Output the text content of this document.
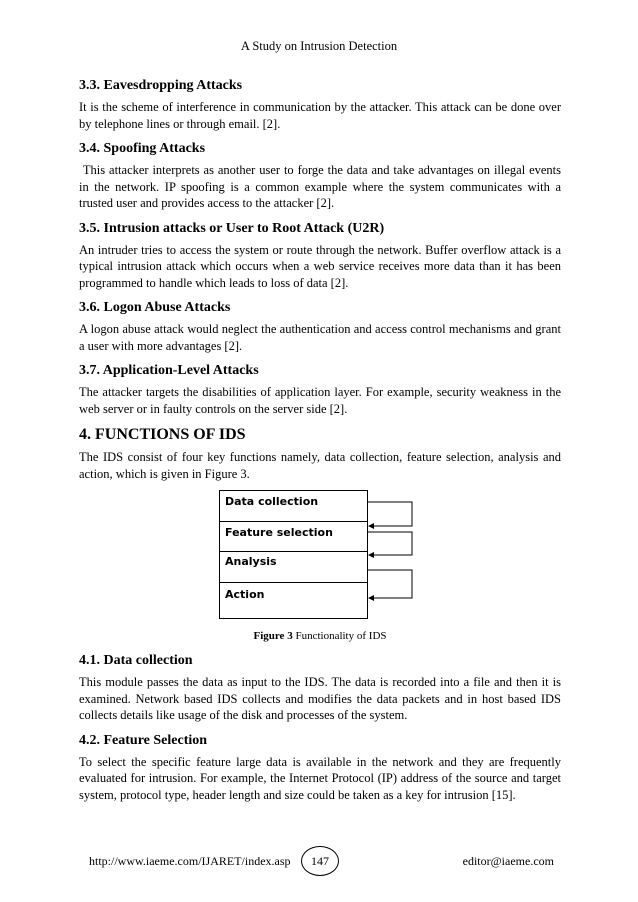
A Study on Intrusion Detection
3.3. Eavesdropping Attacks

It is the scheme of interference in communication by the attacker. This attack can be done over by telephone lines or through email. [2].

3.4. Spoofing Attacks

This attacker interprets as another user to forge the data and take advantages on illegal events in the network. IP spoofing is a common example where the system communicates with a trusted user and provides access to the attacker [2].

3.5. Intrusion attacks or User to Root Attack (U2R)

An intruder tries to access the system or route through the network. Buffer overflow attack is a typical intrusion attack which occurs when a web service receives more data than it has been programmed to handle which leads to loss of data [2].

3.6. Logon Abuse Attacks

A logon abuse attack would neglect the authentication and access control mechanisms and grant a user with more advantages [2].

3.7. Application-Level Attacks

The attacker targets the disabilities of application layer. For example, security weakness in the web server or in faulty controls on the server side [2].

4. FUNCTIONS OF IDS

The IDS consist of four key functions namely, data collection, feature selection, analysis and action, which is given in Figure 3.

Data collection
Feature selection
Analysis
Action
Figure 3 Functionality of IDS
4.1. Data collection

This module passes the data as input to the IDS. The data is recorded into a file and then it is examined. Network based IDS collects and modifies the data packets and in host based IDS collects details like usage of the disk and processes of the system.

4.2. Feature Selection

To select the specific feature large data is available in the network and they are frequently evaluated for intrusion. For example, the Internet Protocol (IP) address of the source and target system, protocol type, header length and size could be taken as a key for intrusion [15].

http://www.iaeme.com/IJARET/index.asp	147	editor@iaeme.com
